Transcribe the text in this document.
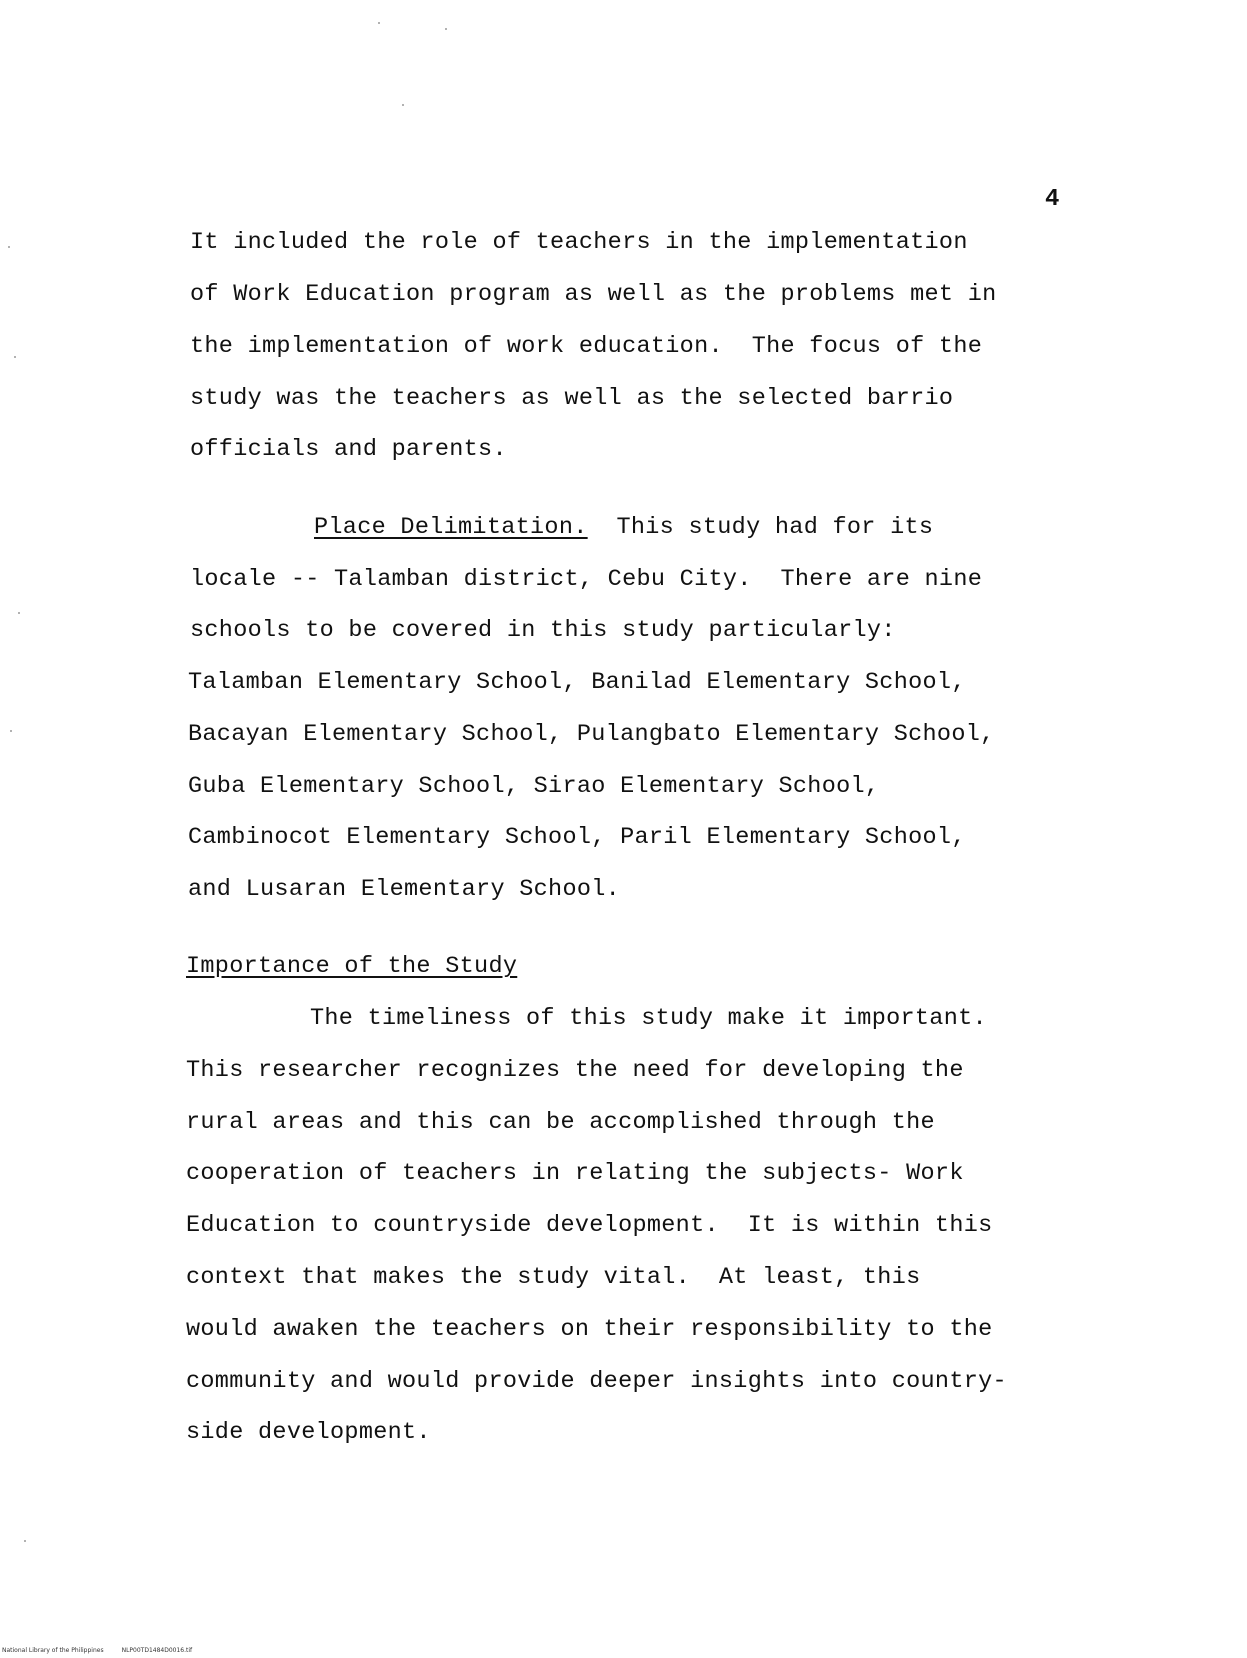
4
It included the role of teachers in the implementation
of Work Education program as well as the problems met in
the implementation of work education.  The focus of the
study was the teachers as well as the selected barrio
officials and parents.
Place Delimitation.  This study had for its
locale -- Talamban district, Cebu City.  There are nine
schools to be covered in this study particularly:
Talamban Elementary School, Banilad Elementary School,
Bacayan Elementary School, Pulangbato Elementary School,
Guba Elementary School, Sirao Elementary School,
Cambinocot Elementary School, Paril Elementary School,
and Lusaran Elementary School.
Importance of the Study
The timeliness of this study make it important.
This researcher recognizes the need for developing the
rural areas and this can be accomplished through the
cooperation of teachers in relating the subjects- Work
Education to countryside development.  It is within this
context that makes the study vital.  At least, this
would awaken the teachers on their responsibility to the
community and would provide deeper insights into country-
side development.
National Library of the Philippines	NLP00TD1484D0016.tif
